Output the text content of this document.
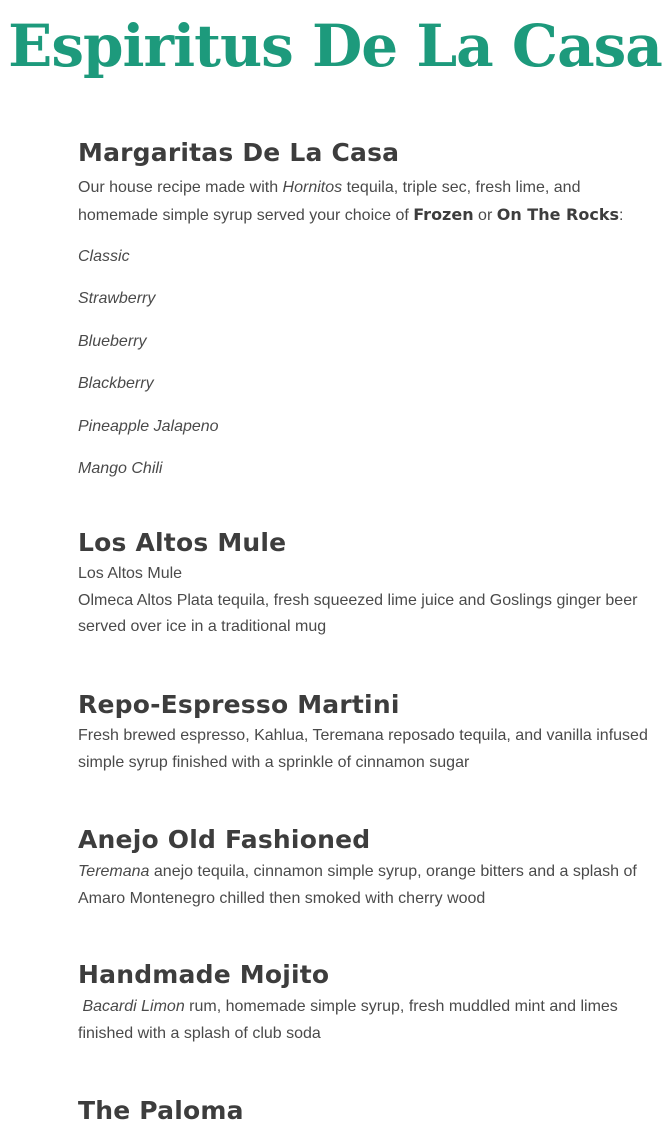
Espiritus De La Casa
Margaritas De La Casa

Our house recipe made with Hornitos tequila, triple sec, fresh lime, and homemade simple syrup served your choice of Frozen or On The Rocks:

Classic
Strawberry
Blueberry
Blackberry
Pineapple Jalapeno
Mango Chili
Los Altos Mule

Los Altos Mule

Olmeca Altos Plata tequila, fresh squeezed lime juice and Goslings ginger beer served over ice in a traditional mug

Repo-Espresso Martini

Fresh brewed espresso, Kahlua, Teremana reposado tequila, and vanilla infused simple syrup finished with a sprinkle of cinnamon sugar

Anejo Old Fashioned

Teremana anejo tequila, cinnamon simple syrup, orange bitters and a splash of Amaro Montenegro chilled then smoked with cherry wood

Handmade Mojito

Bacardi Limon rum, homemade simple syrup, fresh muddled mint and limes finished with a splash of club soda

The Paloma
